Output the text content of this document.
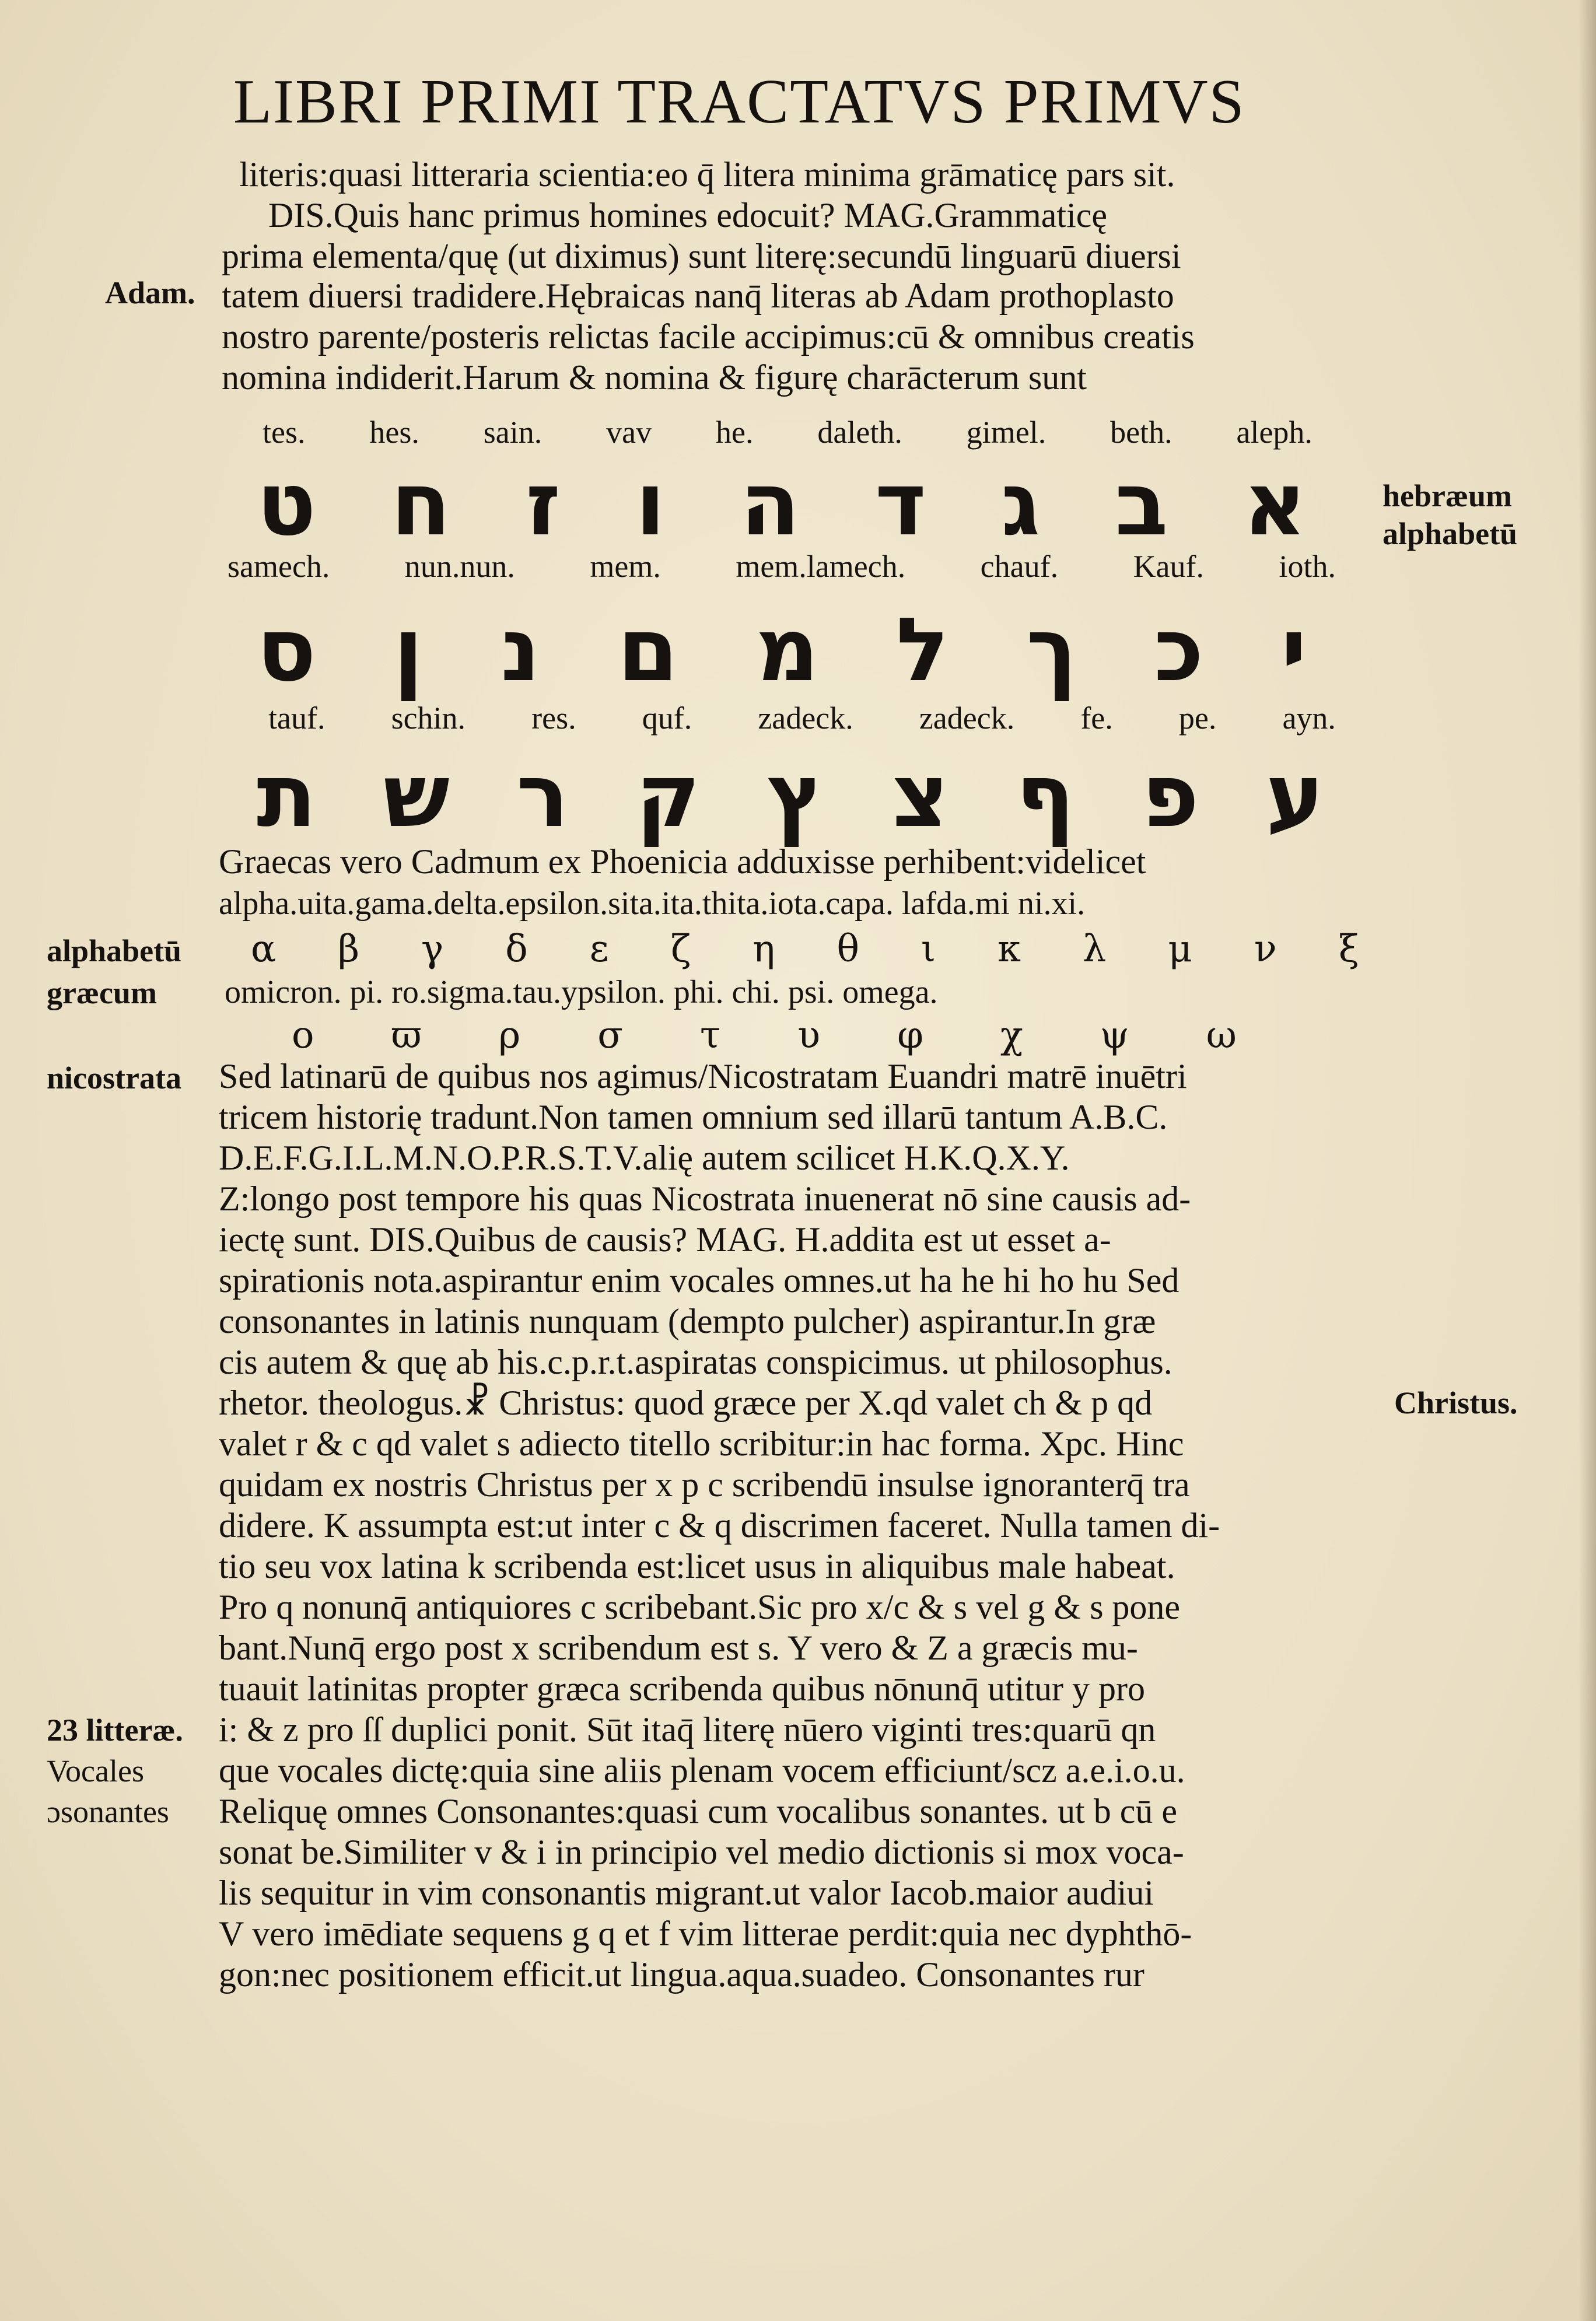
LIBRI PRIMI TRACTATVS PRIMVS
literis:quasi litteraria scientia:eo q̄ litera minima grāmaticę pars sit.
DIS.Quis hanc primus homines edocuit? MAG.Grammaticę
prima elementa/quę (ut diximus) sunt literę:secundū linguarū diuersi
Adam. tatem diuersi tradidere.Hębraicas nanq̄ literas ab Adam prothoplasto
nostro parente/posteris relictas facile accipimus:cū & omnibus creatis
nomina indiderit.Harum & nomina & figurę charācterum sunt
tes. hes. sain. vav he. daleth. gimel. beth. aleph.
ט ח ז ו ה ד ג ב א hebræum
alphabetū
samech. nun.nun. mem. mem.lamech. chauf. Kauf. ioth.
ס ן נ ם מ ל ך כ י
tauf. schin. res. quf. zadeck. zadeck. fe. pe. ayn.
ת ש ר ק ץ צ ף פ ע
Graecas vero Cadmum ex Phoenicia adduxisse perhibent:videlicet
alpha.uita.gama.delta.epsilon.sita.ita.thita.iota.capa. lafda.mi ni.xi.
alphabetū α β γ δ ε ζ η θ ι κ λ μ ν ξ
græcum omicron. pi. ro.sigma.tau.ypsilon. phi. chi. psi. omega.
ο ϖ ρ σ τ υ φ χ ψ ω
nicostrata Sed latinarū de quibus nos agimus/Nicostratam Euandri matrē inuētri
tricem historię tradunt.Non tamen omnium sed illarū tantum A.B.C.
D.E.F.G.I.L.M.N.O.P.R.S.T.V.alię autem scilicet H.K.Q.X.Y.
Z:longo post tempore his quas Nicostrata inuenerat nō sine causis ad-
iectę sunt. DIS.Quibus de causis? MAG. H.addita est ut esset a-
spirationis nota.aspirantur enim vocales omnes.ut ha he hi ho hu Sed
consonantes in latinis nunquam (dempto pulcher) aspirantur.In græ
cis autem & quę ab his.c.p.r.t.aspiratas conspicimus. ut philosophus.
rhetor. theologus.☧ Christus: quod græce per X.qd valet ch & p qd	Christus.
valet r & c qd valet s adiecto titello scribitur:in hac forma. Xpc. Hinc
quidam ex nostris Christus per x p c scribendū insulse ignoranterq̄ tra
didere. K assumpta est:ut inter c & q discrimen faceret. Nulla tamen di-
tio seu vox latina k scribenda est:licet usus in aliquibus male habeat.
Pro q nonunq̄ antiquiores c scribebant.Sic pro x/c & s vel g & s pone
bant.Nunq̄ ergo post x scribendum est s. Y vero & Z a græcis mu-
tuauit latinitas propter græca scribenda quibus nōnunq̄ utitur y pro
23 litteræ. i: & z pro ſſ duplici ponit. Sūt itaq̄ literę nūero viginti tres:quarū qn
Vocales que vocales dictę:quia sine aliis plenam vocem efficiunt/scz a.e.i.o.u.
ɔsonantes Reliquę omnes Consonantes:quasi cum vocalibus sonantes. ut b cū e
sonat be.Similiter v & i in principio vel medio dictionis si mox voca-
lis sequitur in vim consonantis migrant.ut valor Iacob.maior audiui
V vero imēdiate sequens g q et f vim litterae perdit:quia nec dyphthō-
gon:nec positionem efficit.ut lingua.aqua.suadeo. Consonantes rur
